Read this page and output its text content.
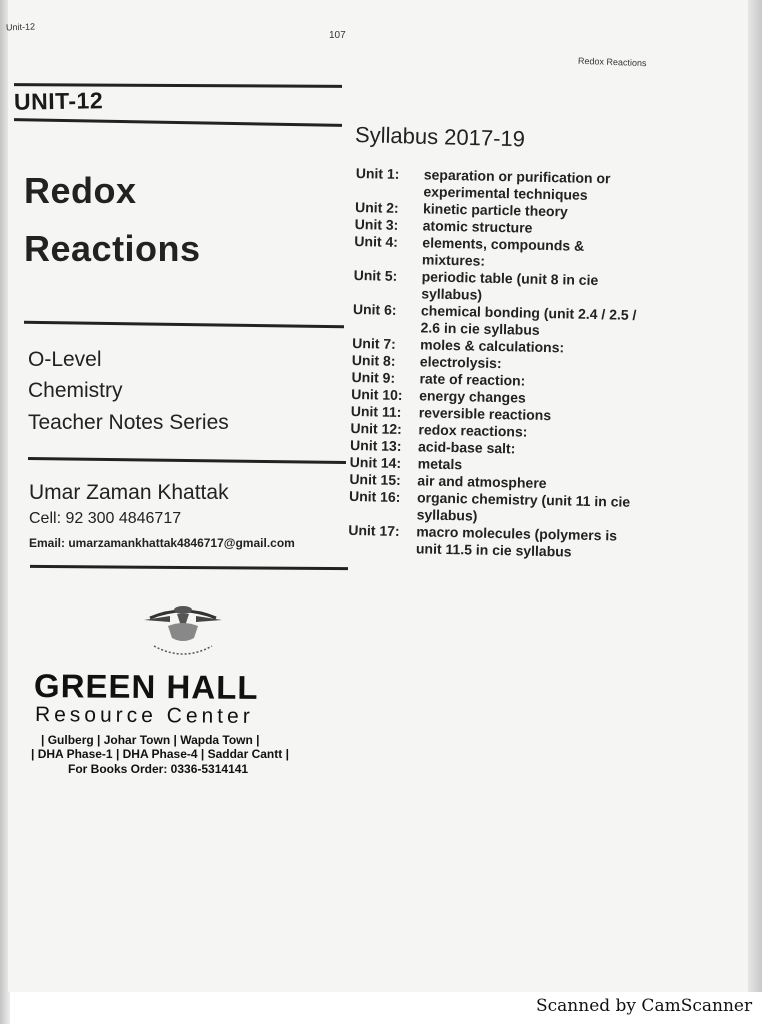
Unit-12
107
Redox Reactions
UNIT-12
Redox
Reactions
O-Level
Chemistry
Teacher Notes Series
Umar Zaman Khattak
Cell: 92 300 4846717
Email: umarzamankhattak4846717@gmail.com
GREEN HALL
Resource Center
| Gulberg | Johar Town | Wapda Town |
| DHA Phase-1 | DHA Phase-4 | Saddar Cantt |
For Books Order: 0336-5314141
Syllabus 2017-19
Unit 1:	separation or purification or experimental techniques
Unit 2:	kinetic particle theory
Unit 3:	atomic structure
Unit 4:	elements, compounds & mixtures:
Unit 5:	periodic table (unit 8 in cie syllabus)
Unit 6:	chemical bonding (unit 2.4 / 2.5 / 2.6 in cie syllabus
Unit 7:	moles & calculations:
Unit 8:	electrolysis:
Unit 9:	rate of reaction:
Unit 10:	energy changes
Unit 11:	reversible reactions
Unit 12:	redox reactions:
Unit 13:	acid-base salt:
Unit 14:	metals
Unit 15:	air and atmosphere
Unit 16:	organic chemistry (unit 11 in cie syllabus)
Unit 17:	macro molecules (polymers is unit 11.5 in cie syllabus
Scanned by CamScanner
